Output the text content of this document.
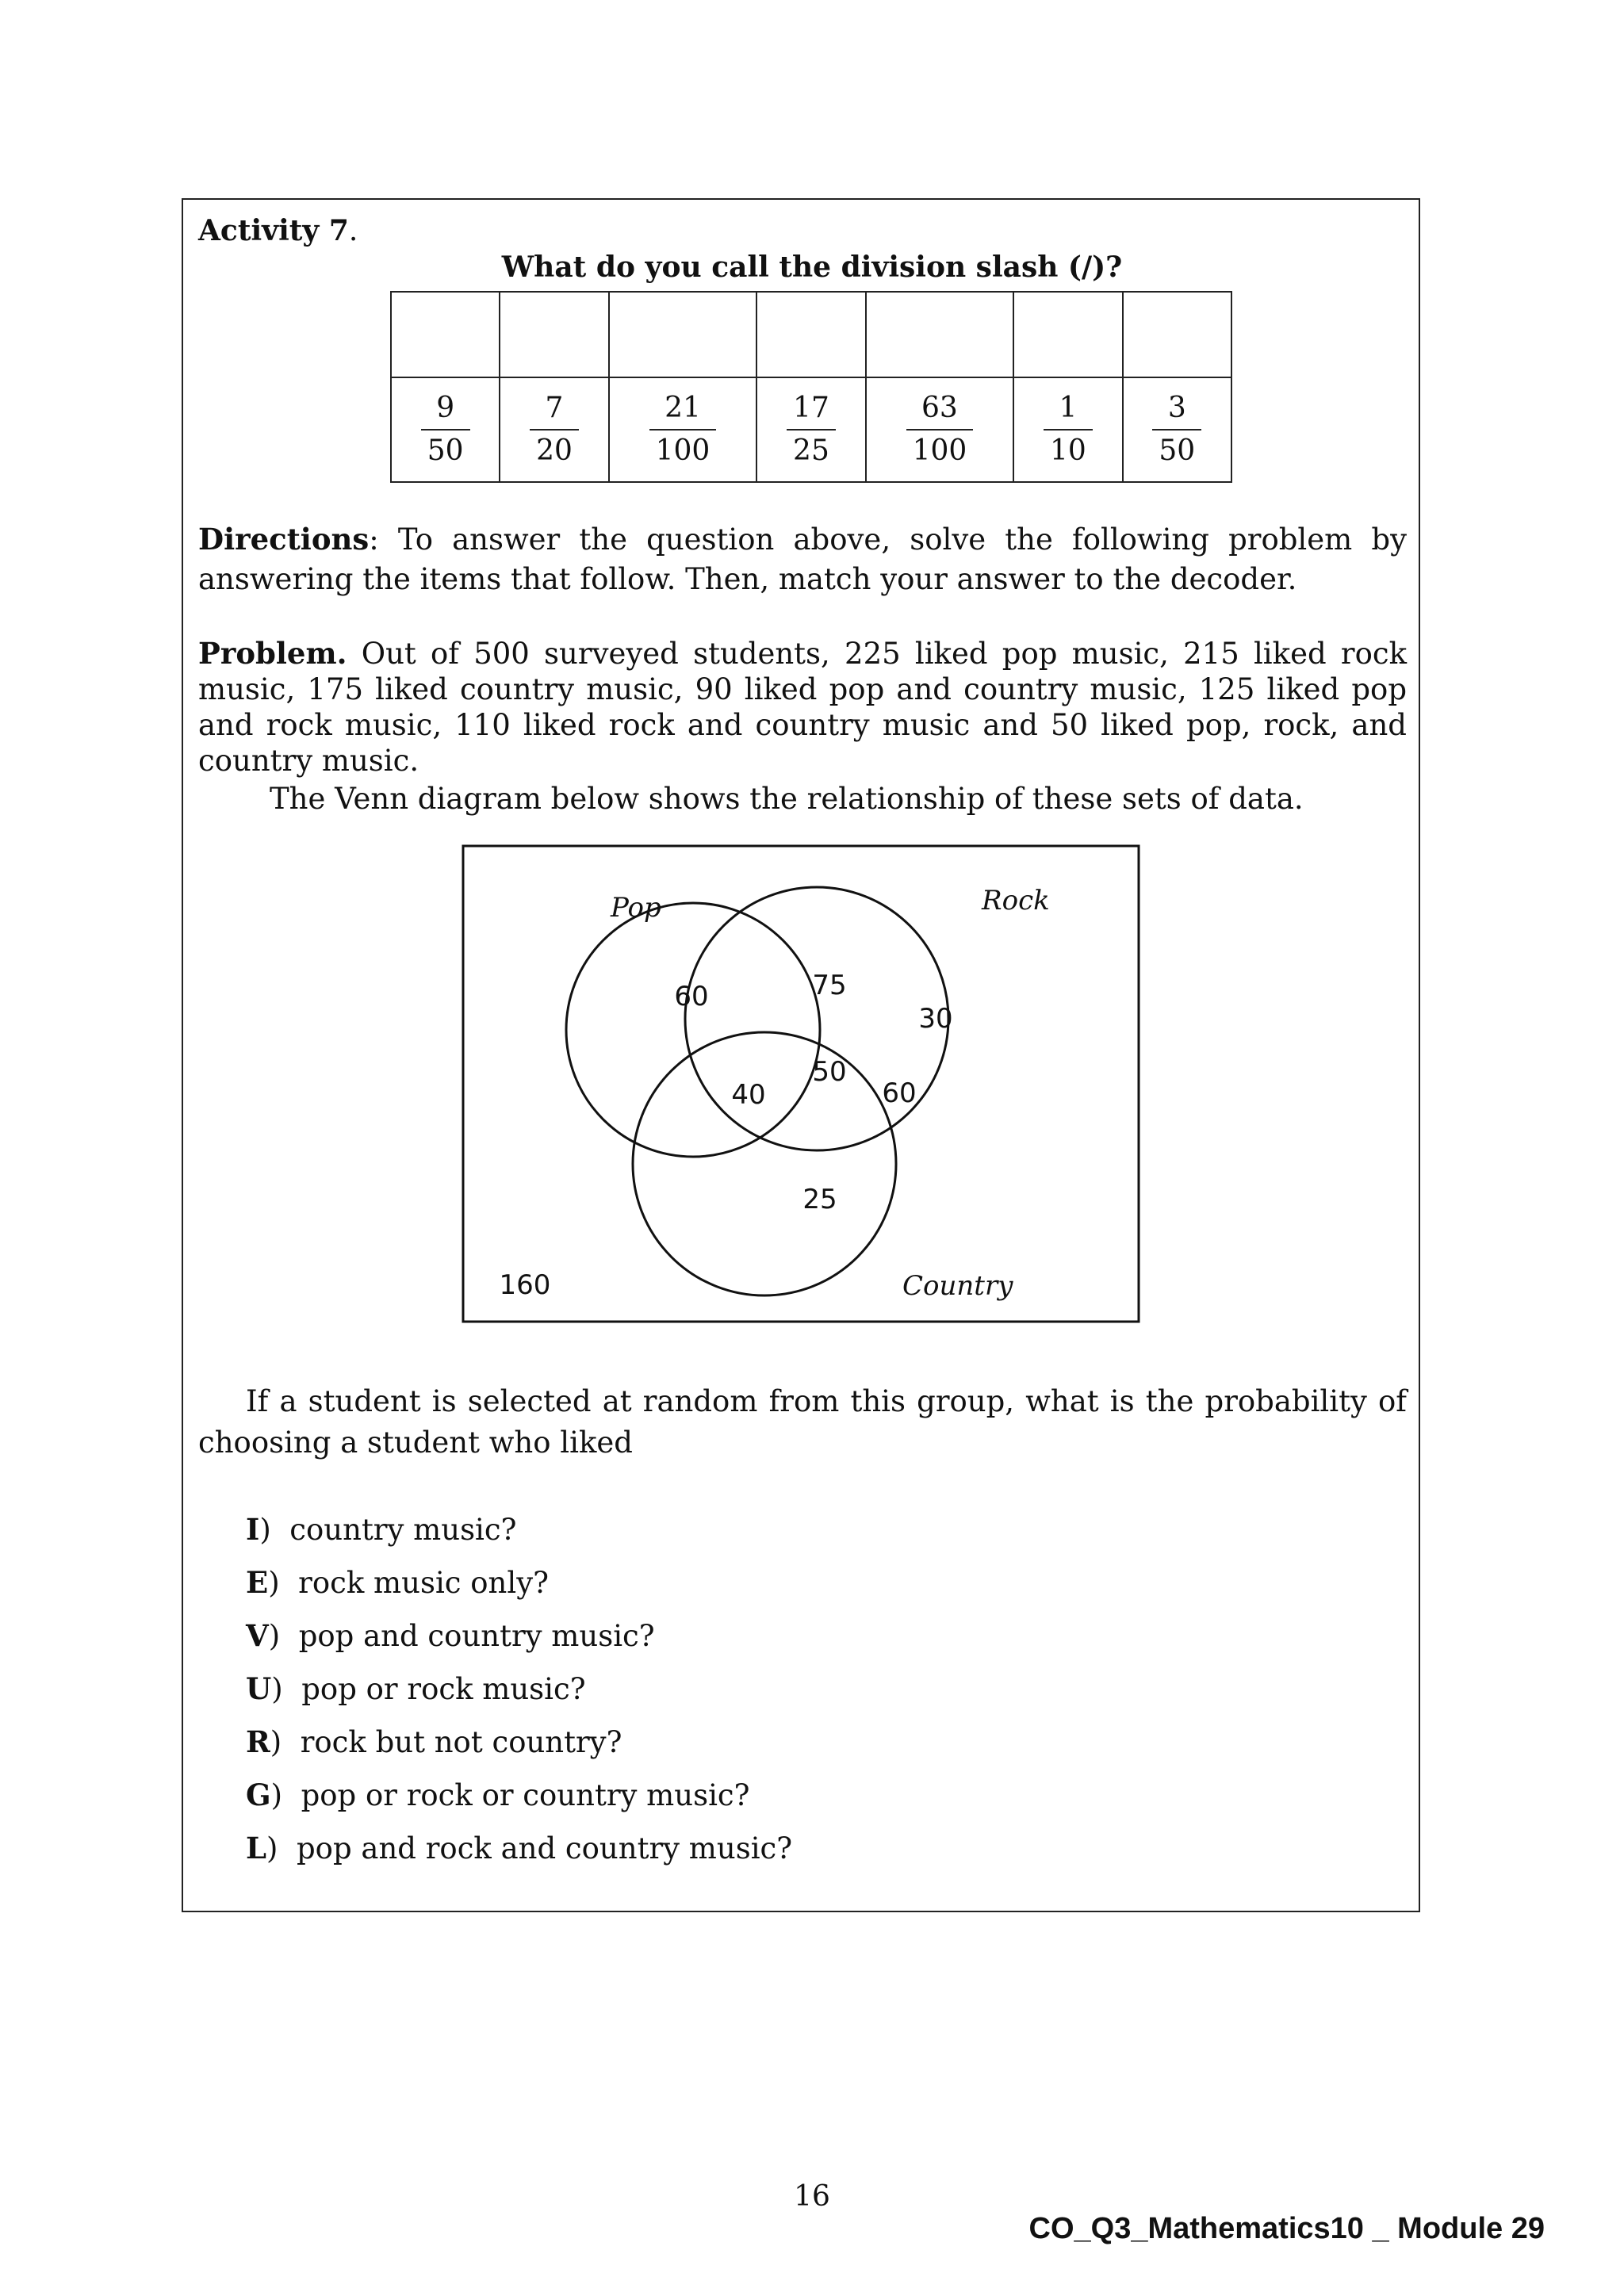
Activity 7.
What do you call the division slash (/)?

$\frac{9}{50}$	$\frac{7}{20}$	$\frac{21}{100}$	$\frac{17}{25}$	$\frac{63}{100}$	$\frac{1}{10}$	$\frac{3}{50}$
Directions: To answer the question above, solve the following problem by answering the items that follow. Then, match your answer to the decoder.
Problem. Out of 500 surveyed students, 225 liked pop music, 215 liked rock music, 175 liked country music, 90 liked pop and country music, 125 liked pop and rock music, 110 liked rock and country music and 50 liked pop, rock, and country music.
The Venn diagram below shows the relationship of these sets of data.
Pop	Rock
Country
60	75
30
50
40	60
25
160
If a student is selected at random from this group, what is the probability of choosing a student who liked
I)  country music?
E)  rock music only?
V)  pop and country music?
U)  pop or rock music?
R)  rock but not country?
G)  pop or rock or country music?
L)  pop and rock and country music?
16
CO_Q3_Mathematics10 _ Module 29
